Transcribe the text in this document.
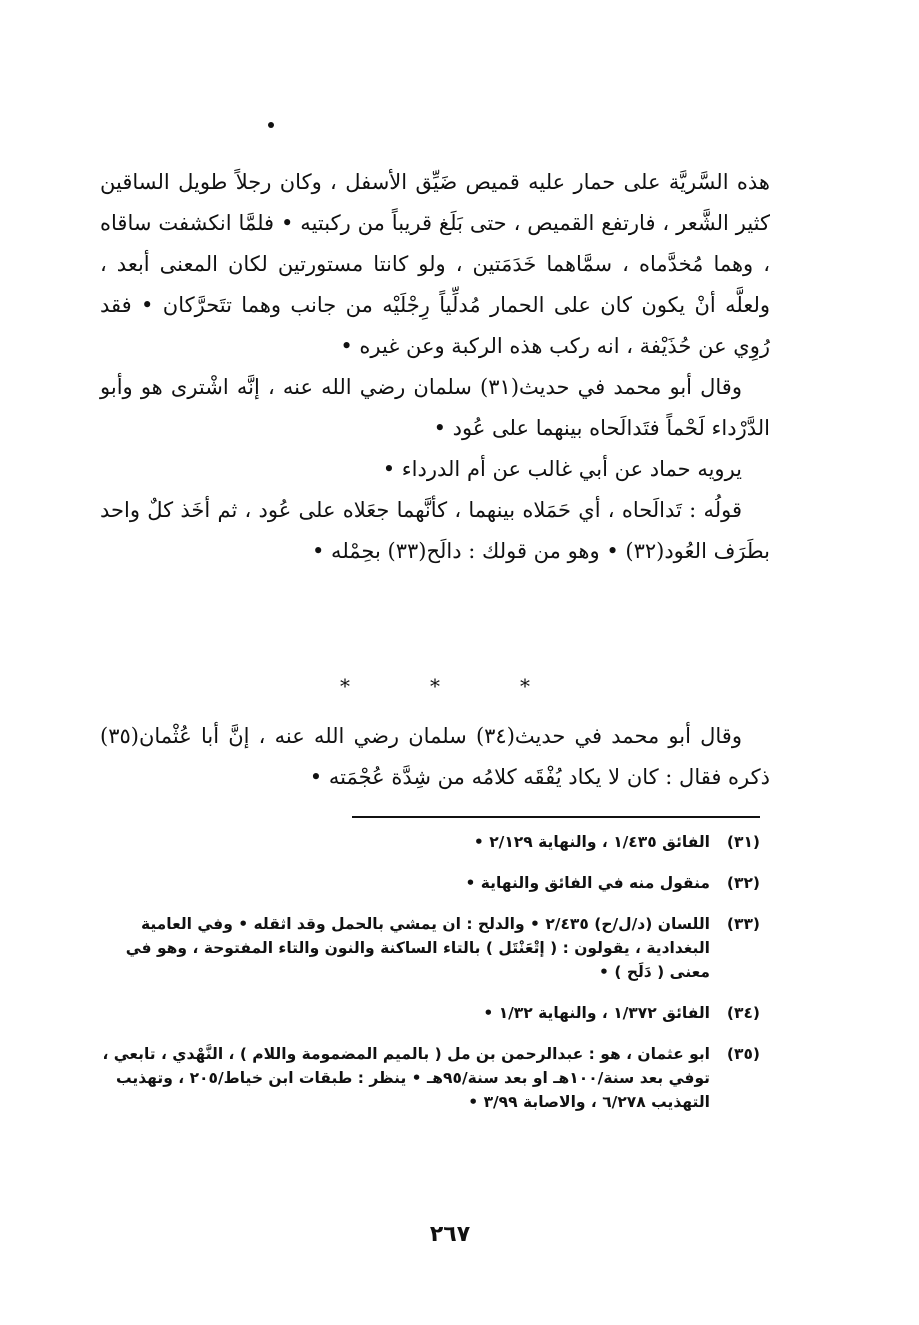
هذه السَّريَّة على حمار عليه قميص ضَيِّق الأسفل ، وكان رجلاً طويل الساقين كثير الشَّعر ، فارتفع القميص ، حتى بَلَغ قريباً من ركبتيه • فلمَّا انكشفت ساقاه ، وهما مُخدَّماه ، سمَّاهما خَدَمَتين ، ولو كانتا مستورتين لكان المعنى أبعد ، ولعلَّه أنْ يكون كان على الحمار مُدلِّياً رِجْلَيْه من جانب وهما تتَحرَّكان • فقد رُوِي عن حُذَيْفة ، انه ركب هذه الركبة وعن غيره •

وقال أبو محمد في حديث(٣١) سلمان رضي الله عنه ، إنَّه اشْترى هو وأبو الدَّرْداء لَحْماً فتَدالَحاه بينهما على عُود •

يرويه حماد عن أبي غالب عن أم الدرداء •

قولُه : تَدالَحاه ، أي حَمَلاه بينهما ، كأنَّهما جعَلاه على عُود ، ثم أخَذ كلٌ واحد بطَرَف العُود(٣٢) • وهو من قولك : دالَح(٣٣) بحِمْله •

*	*	*

وقال أبو محمد في حديث(٣٤) سلمان رضي الله عنه ، إنَّ أبا عُثْمان(٣٥) ذكره فقال : كان لا يكاد يُفْقَه كلامُه من شِدَّة عُجْمَته •

(٣١)
الفائق ١/٤٣٥ ، والنهاية ٢/١٢٩ •
(٣٢)
منقول منه في الفائق والنهاية •
(٣٣)
اللسان (د/ل/ح) ٢/٤٣٥ • والدلح : ان يمشي بالحمل وقد اثقله • وفي العامية البغدادية ، يقولون : ( إتْعَنْتَل ) بالتاء الساكنة والنون والتاء المفتوحة ، وهو في معنى ( دَلَح ) •
(٣٤)
الفائق ١/٣٧٢ ، والنهاية ١/٣٢ •
(٣٥)
ابو عثمان ، هو : عبدالرحمن بن مل ( بالميم المضمومة واللام ) ، النَّهْدي ، تابعي ، توفي بعد سنة/١٠٠هـ او بعد سنة/٩٥هـ • ينظر : طبقات ابن خياط/٢٠٥ ، وتهذيب التهذيب ٦/٢٧٨ ، والاصابة ٣/٩٩ •
٢٦٧
